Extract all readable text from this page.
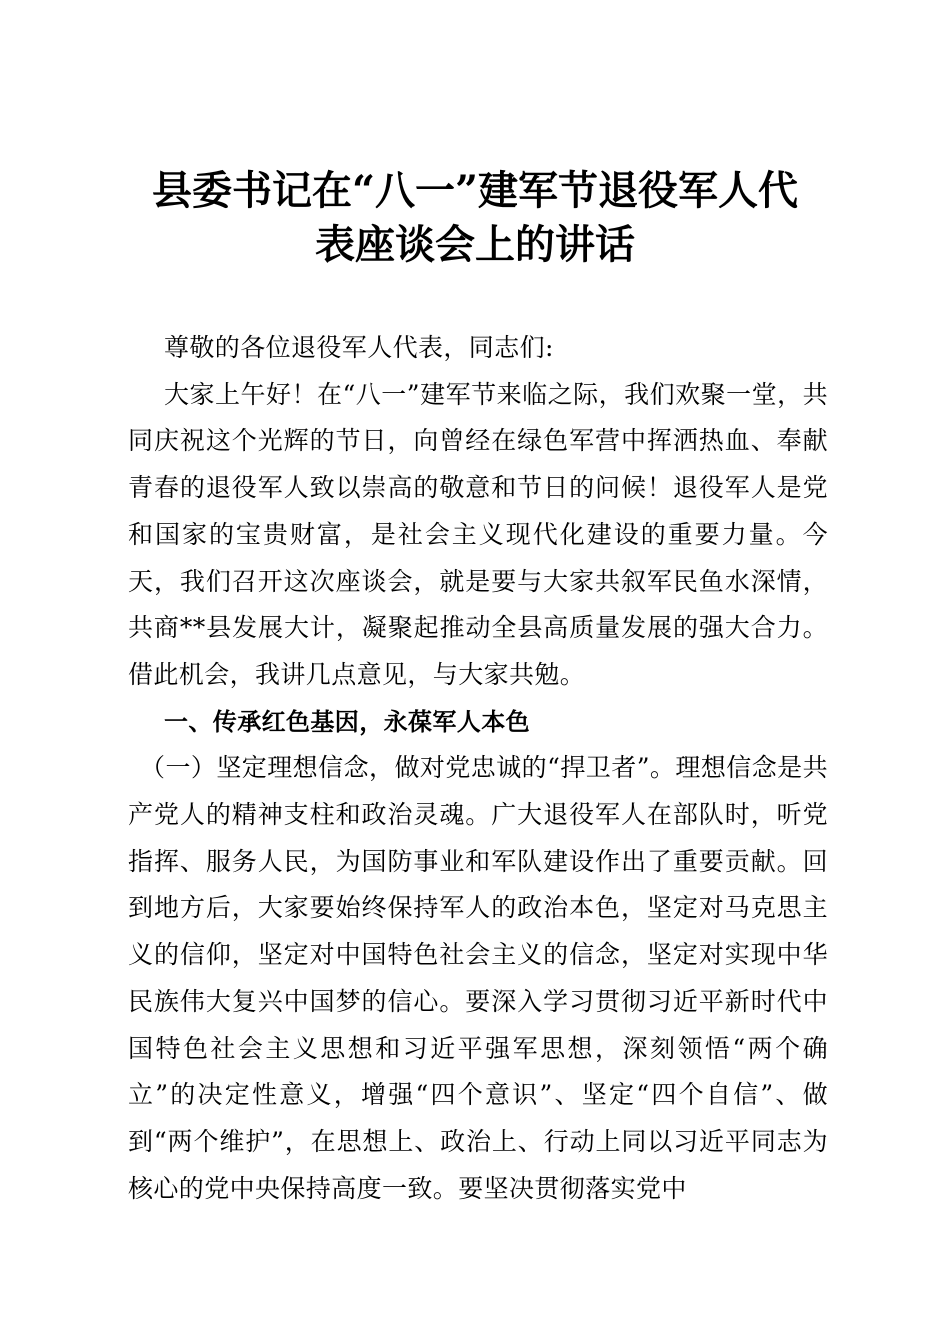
县委书记在“八一”建军节退役军人代
表座谈会上的讲话

尊敬的各位退役军人代表，同志们:

大家上午好！在“八一”建军节来临之际，我们欢聚一堂，共同庆祝这个光辉的节日，向曾经在绿色军营中挥洒热血、奉献青春的退役军人致以崇高的敬意和节日的问候！退役军人是党和国家的宝贵财富，是社会主义现代化建设的重要力量。今天，我们召开这次座谈会，就是要与大家共叙军民鱼水深情，共商**县发展大计，凝聚起推动全县高质量发展的强大合力。借此机会，我讲几点意见，与大家共勉。

一、传承红色基因，永葆军人本色

（一）坚定理想信念，做对党忠诚的“捍卫者”。理想信念是共产党人的精神支柱和政治灵魂。广大退役军人在部队时，听党指挥、服务人民，为国防事业和军队建设作出了重要贡献。回到地方后，大家要始终保持军人的政治本色，坚定对马克思主义的信仰，坚定对中国特色社会主义的信念，坚定对实现中华民族伟大复兴中国梦的信心。要深入学习贯彻习近平新时代中国特色社会主义思想和习近平强军思想，深刻领悟“两个确立”的决定性意义，增强“四个意识”、坚定“四个自信”、做到“两个维护”，在思想上、政治上、行动上同以习近平同志为核心的党中央保持高度一致。要坚决贯彻落实党中
